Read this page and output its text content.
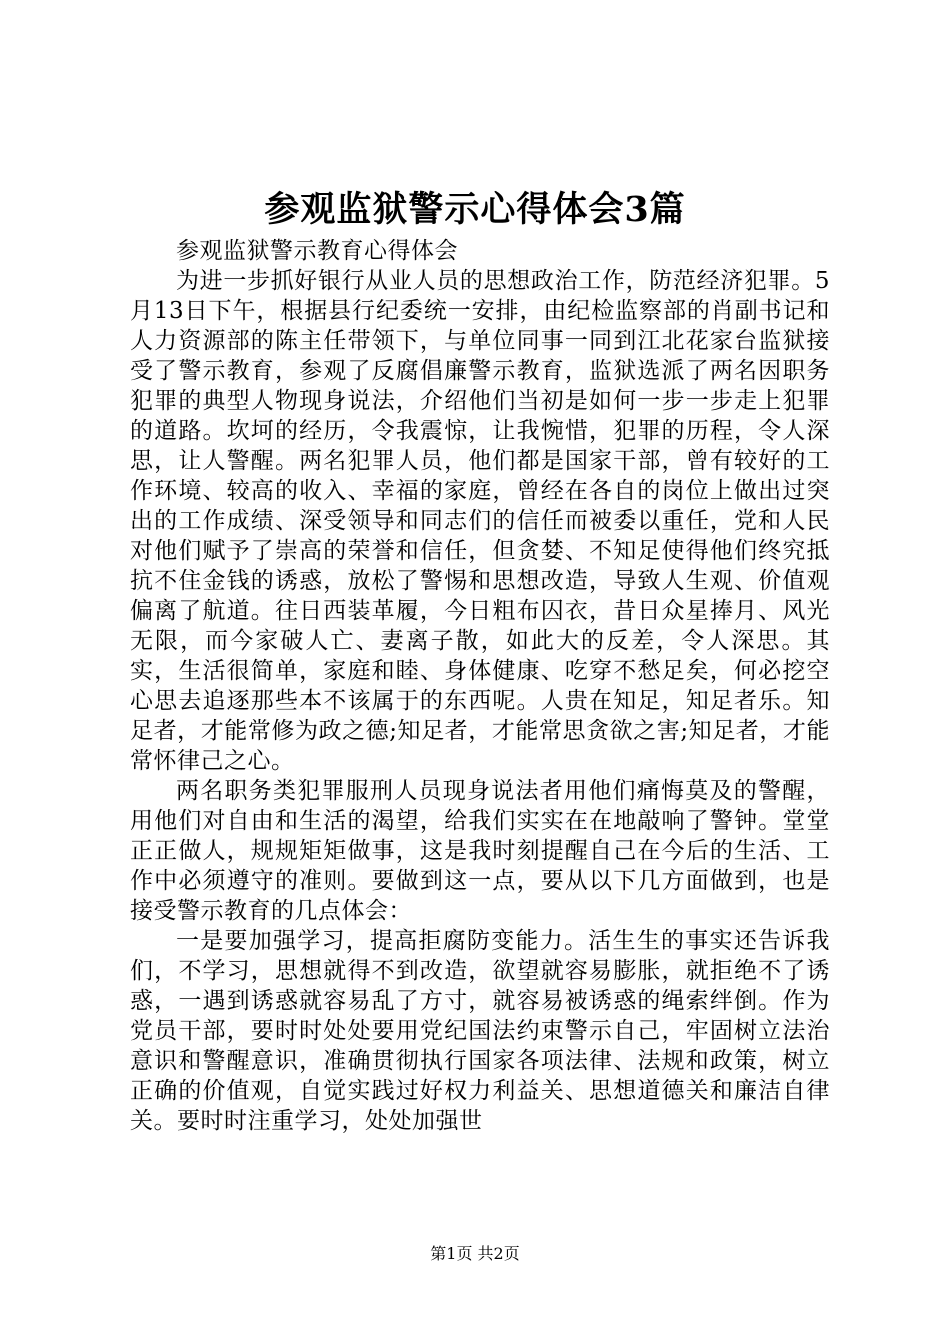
参观监狱警示心得体会3篇

参观监狱警示教育心得体会

为进一步抓好银行从业人员的思想政治工作，防范经济犯罪。5月13日下午，根据县行纪委统一安排，由纪检监察部的肖副书记和人力资源部的陈主任带领下，与单位同事一同到江北花家台监狱接受了警示教育，参观了反腐倡廉警示教育，监狱选派了两名因职务犯罪的典型人物现身说法，介绍他们当初是如何一步一步走上犯罪的道路。坎坷的经历，令我震惊，让我惋惜，犯罪的历程，令人深思，让人警醒。两名犯罪人员，他们都是国家干部，曾有较好的工作环境、较高的收入、幸福的家庭，曾经在各自的岗位上做出过突出的工作成绩、深受领导和同志们的信任而被委以重任，党和人民对他们赋予了崇高的荣誉和信任，但贪婪、不知足使得他们终究抵抗不住金钱的诱惑，放松了警惕和思想改造，导致人生观、价值观偏离了航道。往日西装革履，今日粗布囚衣，昔日众星捧月、风光无限，而今家破人亡、妻离子散，如此大的反差，令人深思。其实，生活很简单，家庭和睦、身体健康、吃穿不愁足矣，何必挖空心思去追逐那些本不该属于的东西呢。人贵在知足，知足者乐。知足者，才能常修为政之德;知足者，才能常思贪欲之害;知足者，才能常怀律己之心。

两名职务类犯罪服刑人员现身说法者用他们痛悔莫及的警醒，用他们对自由和生活的渴望，给我们实实在在地敲响了警钟。堂堂正正做人，规规矩矩做事，这是我时刻提醒自己在今后的生活、工作中必须遵守的准则。要做到这一点，要从以下几方面做到，也是接受警示教育的几点体会：

一是要加强学习，提高拒腐防变能力。活生生的事实还告诉我们，不学习，思想就得不到改造，欲望就容易膨胀，就拒绝不了诱惑，一遇到诱惑就容易乱了方寸，就容易被诱惑的绳索绊倒。作为党员干部，要时时处处要用党纪国法约束警示自己，牢固树立法治意识和警醒意识，准确贯彻执行国家各项法律、法规和政策，树立正确的价值观，自觉实践过好权力利益关、思想道德关和廉洁自律关。要时时注重学习，处处加强世

第1页 共2页
